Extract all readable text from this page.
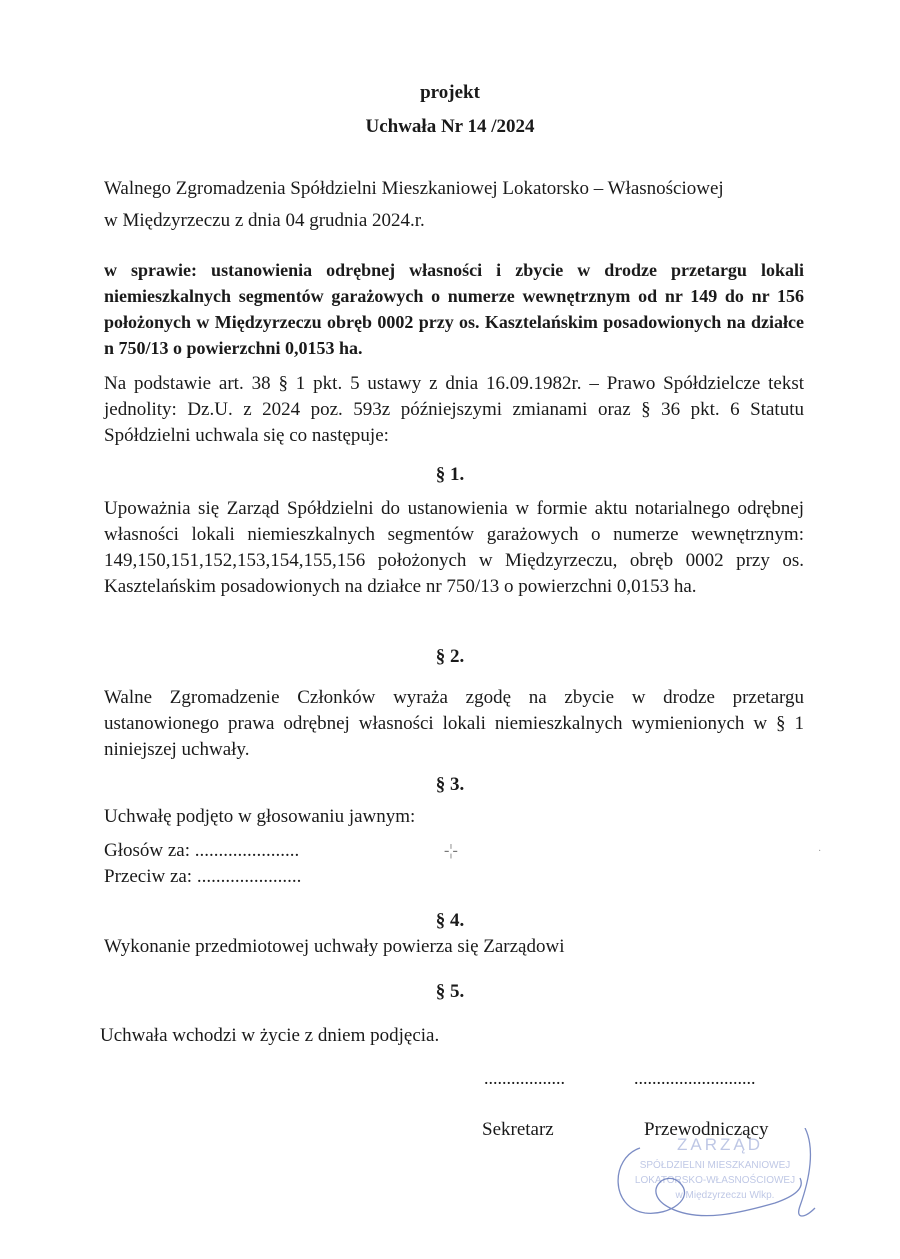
projekt
Uchwała Nr 14 /2024
Walnego Zgromadzenia Spółdzielni Mieszkaniowej Lokatorsko – Własnościowej
w Międzyrzeczu z dnia 04 grudnia 2024.r.
w sprawie: ustanowienia odrębnej własności i zbycie w drodze przetargu lokali niemieszkalnych segmentów garażowych o numerze wewnętrznym od nr 149 do nr 156 położonych w Międzyrzeczu obręb 0002 przy os. Kasztelańskim posadowionych na działce n 750/13 o powierzchni 0,0153 ha.
Na podstawie art. 38 § 1 pkt. 5 ustawy z dnia 16.09.1982r. – Prawo Spółdzielcze tekst jednolity: Dz.U. z 2024 poz. 593z późniejszymi zmianami oraz § 36 pkt. 6 Statutu Spółdzielni uchwala się co następuje:
§ 1.
Upoważnia się Zarząd Spółdzielni do ustanowienia w formie aktu notarialnego odrębnej własności lokali niemieszkalnych segmentów garażowych o numerze wewnętrznym: 149,150,151,152,153,154,155,156 położonych w Międzyrzeczu, obręb 0002 przy os. Kasztelańskim posadowionych na działce nr 750/13 o powierzchni 0,0153 ha.
§ 2.
Walne Zgromadzenie Członków wyraża zgodę na zbycie w drodze przetargu ustanowionego prawa odrębnej własności lokali niemieszkalnych wymienionych w § 1 niniejszej uchwały.
§ 3.
Uchwałę podjęto w głosowaniu jawnym:
Głosów za: ......................	-¦-	·
Przeciw za: ......................
§ 4.
Wykonanie przedmiotowej uchwały powierza się Zarządowi
§ 5.
Uchwała wchodzi w życie z dniem podjęcia.
..................	...........................
Sekretarz	Przewodniczący
ZARZĄD
SPÓŁDZIELNI MIESZKANIOWEJ
LOKATORSKO-WŁASNOŚCIOWEJ
w Międzyrzeczu Wlkp.
